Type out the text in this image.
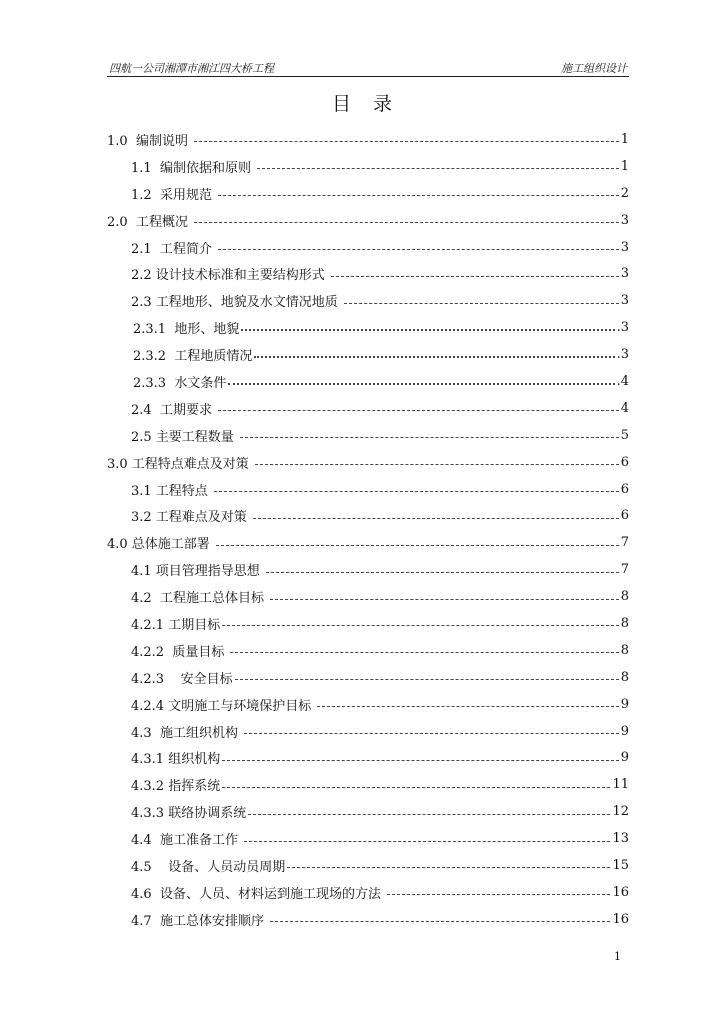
四航一公司湘潭市湘江四大桥工程	施工组织设计
目录
1.0  编制说明	1
1.1  编制依据和原则	1
1.2  采用规范	2
2.0  工程概况	3
2.1  工程简介	3
2.2 设计技术标准和主要结构形式	3
2.3 工程地形、地貌及水文情况地质	3
2.3.1  地形、地貌	.3
2.3.2  工程地质情况	.3
2.3.3  水文条件	.4
2.4  工期要求	4
2.5 主要工程数量	5
3.0 工程特点难点及对策	6
3.1 工程特点	6
3.2 工程难点及对策	6
4.0 总体施工部署	7
4.1 项目管理指导思想	7
4.2  工程施工总体目标	8
4.2.1 工期目标	8
4.2.2  质量目标	8
4.2.3    安全目标	8
4.2.4 文明施工与环境保护目标	9
4.3  施工组织机构	9
4.3.1 组织机构	9
4.3.2 指挥系统	11
4.3.3 联络协调系统	12
4.4  施工准备工作	13
4.5    设备、人员动员周期	15
4.6  设备、人员、材料运到施工现场的方法	16
4.7  施工总体安排顺序	16
1
